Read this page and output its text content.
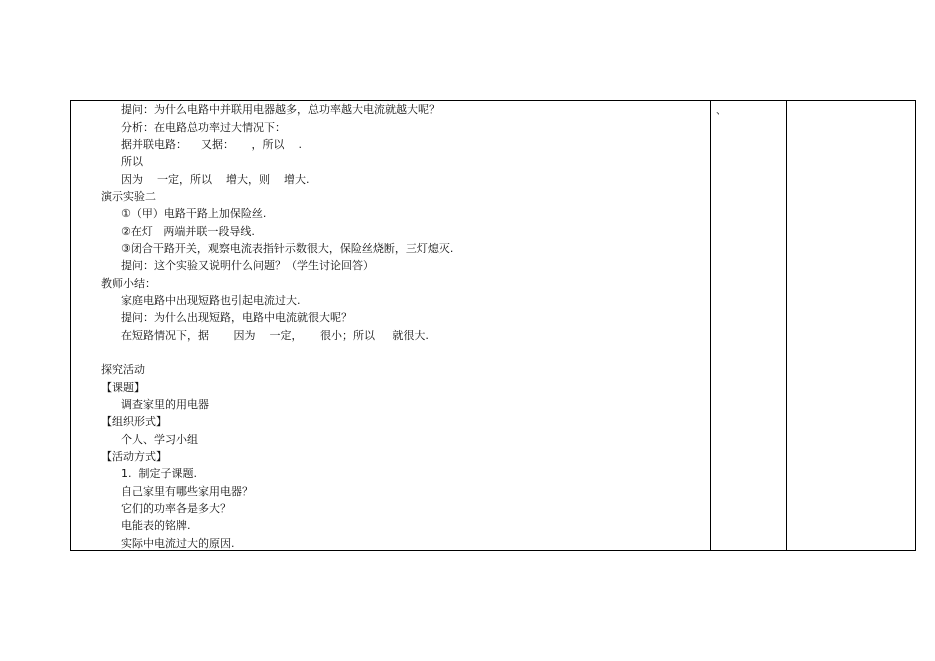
、
提问：为什么电路中并联用电器越多，总功率越大电流就越大呢？
分析：在电路总功率过大情况下：
据并联电路：    又据：     ，所以    .
所以
因为    一定，所以    增大，则    增大.
演示实验二
①（甲）电路干路上加保险丝.
②在灯   两端并联一段导线.
③闭合干路开关，观察电流表指针示数很大，保险丝烧断，三灯熄灭.
提问：这个实验又说明什么问题？（学生讨论回答）
教师小结：
家庭电路中出现短路也引起电流过大.
提问：为什么出现短路，电路中电流就很大呢？
在短路情况下，据       因为    一定，     很小；所以     就很大.
探究活动
【课题】
调查家里的用电器
【组织形式】
个人、学习小组
【活动方式】
1.  制定子课题.
自己家里有哪些家用电器？
它们的功率各是多大？
电能表的铭牌.
实际中电流过大的原因.
